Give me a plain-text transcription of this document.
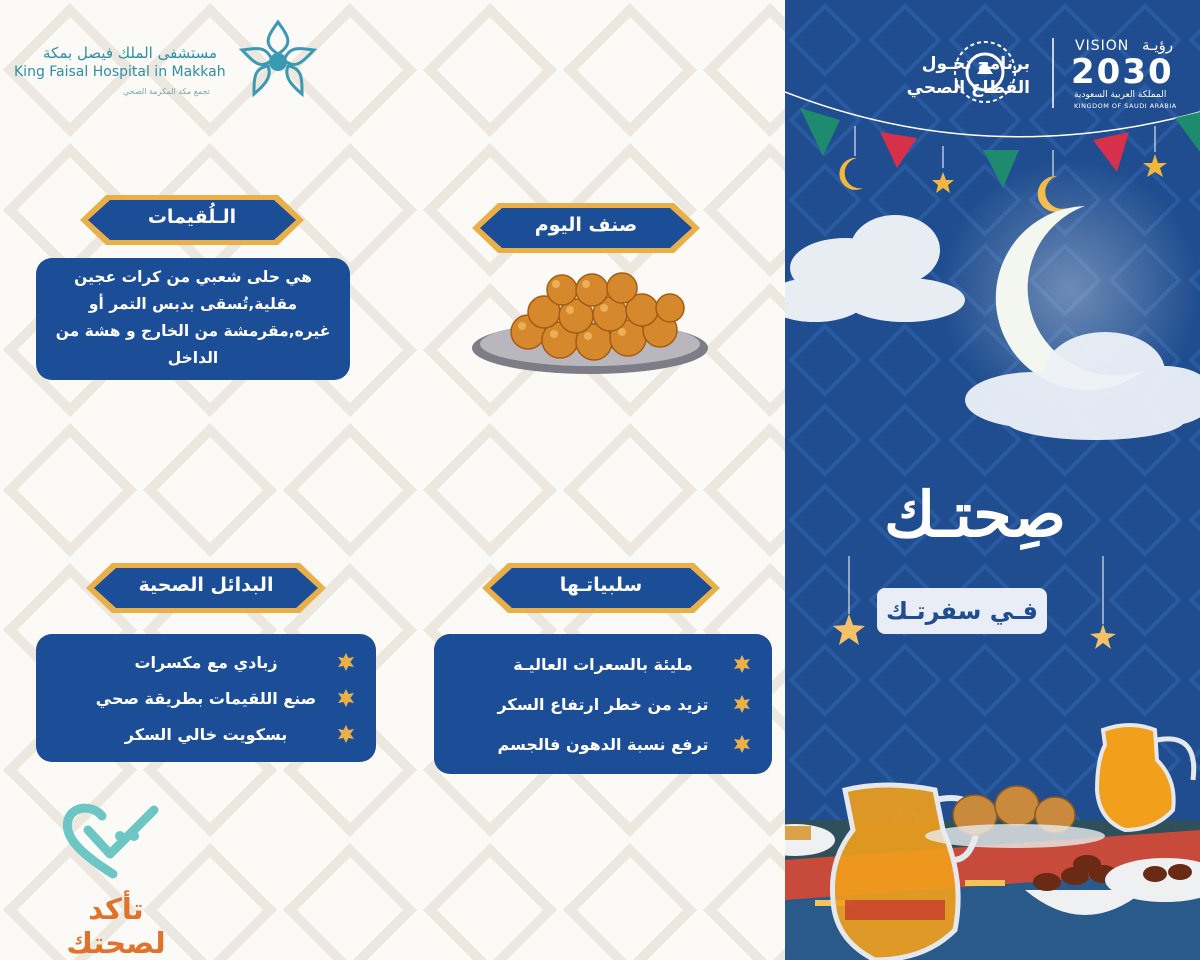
مستشفى الملك فيصل بمكة
King Faisal Hospital in Makkah
تجمع مكة المكرمة الصحي
صنف اليوم
الـلُقيمات
هي حلى شعبي من كرات عجين مقلية,تُسقى بدبس التمر أو غيره,مقرمشة من الخارج و هشة من الداخل
سلبياتـها
البدائل الصحية
مليئة بالسعرات العاليـة
تزيد من خطر ارتفاع السكر
ترفع نسبة الدهون فالجسم
زبادي مع مكسرات
صنع اللقيمات بطريقة صحي
بسكويت خالي السكر
تأكد لصحتك
برنامج تحـول
القطاع الصحي
VISION رؤيـة
2030
المملكة العربية السعودية
KINGDOM OF SAUDI ARABIA
صِحتـك
فـي سفرتـك
